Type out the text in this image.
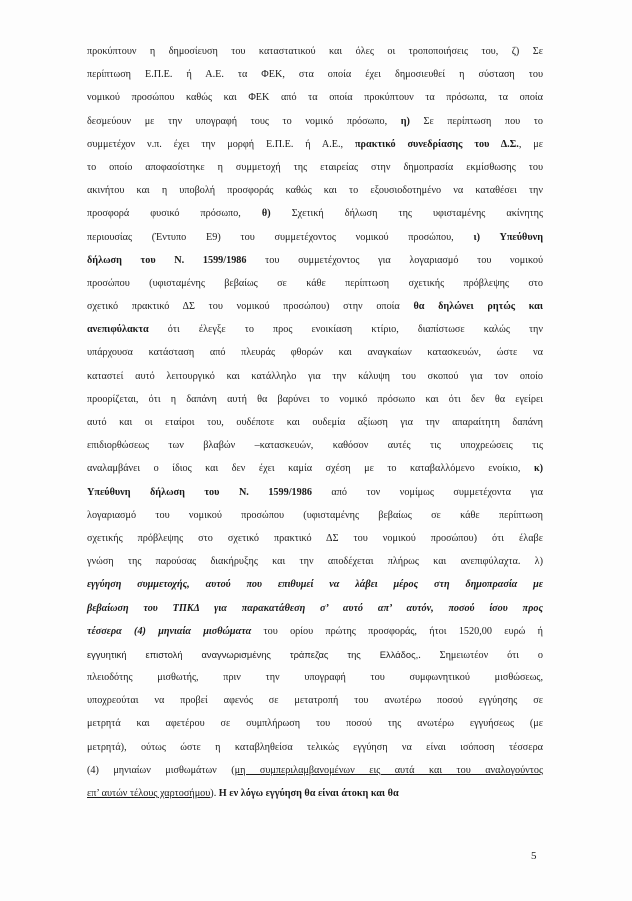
προκύπτουν η δημοσίευση του καταστατικού και όλες οι τροποποιήσεις του, ζ) Σε
περίπτωση Ε.Π.Ε. ή Α.Ε. τα ΦΕΚ, στα οποία έχει δημοσιευθεί η σύσταση του
νομικού προσώπου καθώς και ΦΕΚ από τα οποία προκύπτουν τα πρόσωπα, τα οποία
δεσμεύουν με την υπογραφή τους το νομικό πρόσωπο, η) Σε περίπτωση που το
συμμετέχον ν.π. έχει την μορφή Ε.Π.Ε. ή Α.Ε., πρακτικό συνεδρίασης του Δ.Σ., με
το οποίο αποφασίστηκε η συμμετοχή της εταιρείας στην δημοπρασία εκμίσθωσης του
ακινήτου και η υποβολή προσφοράς καθώς και το εξουσιοδοτημένο να καταθέσει την
προσφορά φυσικό πρόσωπο, θ) Σχετική δήλωση της υφισταμένης ακίνητης
περιουσίας (Έντυπο Ε9) του συμμετέχοντος νομικού προσώπου, ι) Υπεύθυνη
δήλωση του Ν. 1599/1986 του συμμετέχοντος για λογαριασμό του νομικού
προσώπου (υφισταμένης βεβαίως σε κάθε περίπτωση σχετικής πρόβλεψης στο
σχετικό πρακτικό ΔΣ του νομικού προσώπου) στην οποία θα δηλώνει ρητώς και
ανεπιφύλακτα ότι έλεγξε το προς ενοικίαση κτίριο, διαπίστωσε καλώς την
υπάρχουσα κατάσταση από πλευράς φθορών και αναγκαίων κατασκευών, ώστε να
καταστεί αυτό λειτουργικό και κατάλληλο για την κάλυψη του σκοπού για τον οποίο
προορίζεται, ότι η δαπάνη αυτή θα βαρύνει το νομικό πρόσωπο και ότι δεν θα εγείρει
αυτό και οι εταίροι του, ουδέποτε και ουδεμία αξίωση για την απαραίτητη δαπάνη
επιδιορθώσεως των βλαβών –κατασκευών, καθόσον αυτές τις υποχρεώσεις τις
αναλαμβάνει ο ίδιος και δεν έχει καμία σχέση με το καταβαλλόμενο ενοίκιο, κ)
Υπεύθυνη δήλωση του Ν. 1599/1986 από τον νομίμως συμμετέχοντα για
λογαριασμό του νομικού προσώπου (υφισταμένης βεβαίως σε κάθε περίπτωση
σχετικής πρόβλεψης στο σχετικό πρακτικό ΔΣ του νομικού προσώπου) ότι έλαβε
γνώση της παρούσας διακήρυξης και την αποδέχεται πλήρως και ανεπιφύλαχτα. λ)
εγγύηση συμμετοχής, αυτού που επιθυμεί να λάβει μέρος στη δημοπρασία με
βεβαίωση του ΤΠΚΔ για παρακατάθεση σ’ αυτό απ’ αυτόν, ποσού ίσου προς
τέσσερα (4) μηνιαία μισθώματα του ορίου πρώτης προσφοράς, ήτοι 1520,00 ευρώ ή
εγγυητική επιστολή αναγνωρισμένης τράπεζας της Ελλάδος,. Σημειωτέον ότι ο
πλειοδότης μισθωτής, πριν την υπογραφή του συμφωνητικού μισθώσεως,
υποχρεούται να προβεί αφενός σε μετατροπή του ανωτέρω ποσού εγγύησης σε
μετρητά και αφετέρου σε συμπλήρωση του ποσού της ανωτέρω εγγυήσεως (με
μετρητά), ούτως ώστε η καταβληθείσα τελικώς εγγύηση να είναι ισόποση τέσσερα
(4) μηνιαίων μισθωμάτων (μη συμπεριλαμβανομένων εις αυτά και του αναλογούντος
επ’ αυτών τέλους χαρτοσήμου). Η εν λόγω εγγύηση θα είναι άτοκη και θα
5
